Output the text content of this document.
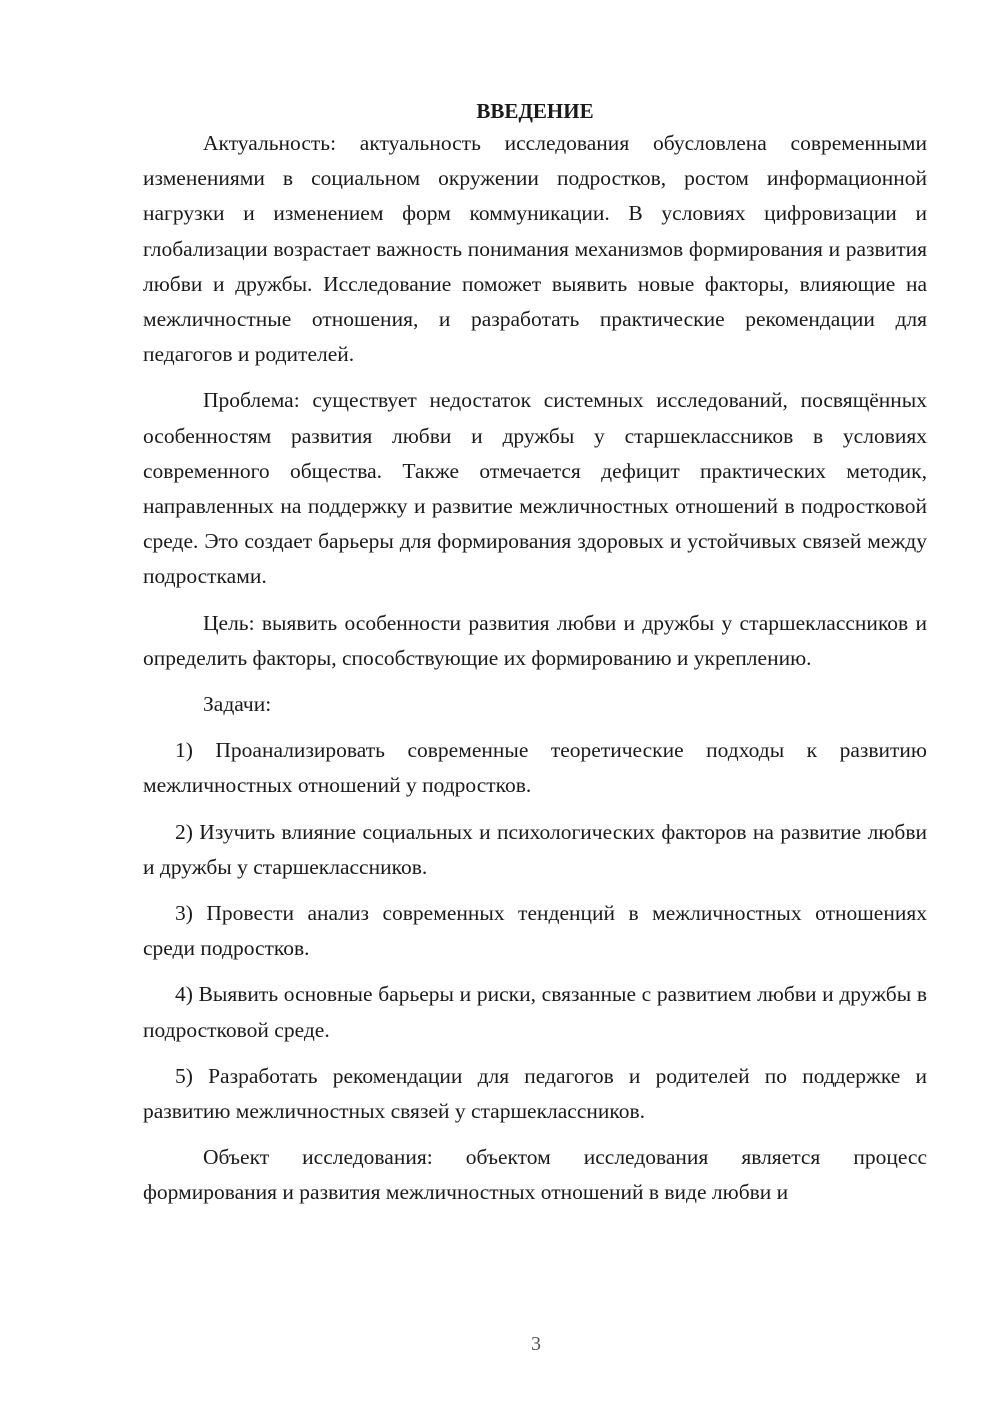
ВВЕДЕНИЕ

Актуальность: актуальность исследования обусловлена современными изменениями в социальном окружении подростков, ростом информационной нагрузки и изменением форм коммуникации. В условиях цифровизации и глобализации возрастает важность понимания механизмов формирования и развития любви и дружбы. Исследование поможет выявить новые факторы, влияющие на межличностные отношения, и разработать практические рекомендации для педагогов и родителей.

Проблема: существует недостаток системных исследований, посвящённых особенностям развития любви и дружбы у старшеклассников в условиях современного общества. Также отмечается дефицит практических методик, направленных на поддержку и развитие межличностных отношений в подростковой среде. Это создает барьеры для формирования здоровых и устойчивых связей между подростками.

Цель: выявить особенности развития любви и дружбы у старшеклассников и определить факторы, способствующие их формированию и укреплению.

Задачи:

1) Проанализировать современные теоретические подходы к развитию межличностных отношений у подростков.

2) Изучить влияние социальных и психологических факторов на развитие любви и дружбы у старшеклассников.

3) Провести анализ современных тенденций в межличностных отношениях среди подростков.

4) Выявить основные барьеры и риски, связанные с развитием любви и дружбы в подростковой среде.

5) Разработать рекомендации для педагогов и родителей по поддержке и развитию межличностных связей у старшеклассников.

Объект исследования: объектом исследования является процесс формирования и развития межличностных отношений в виде любви и

3
